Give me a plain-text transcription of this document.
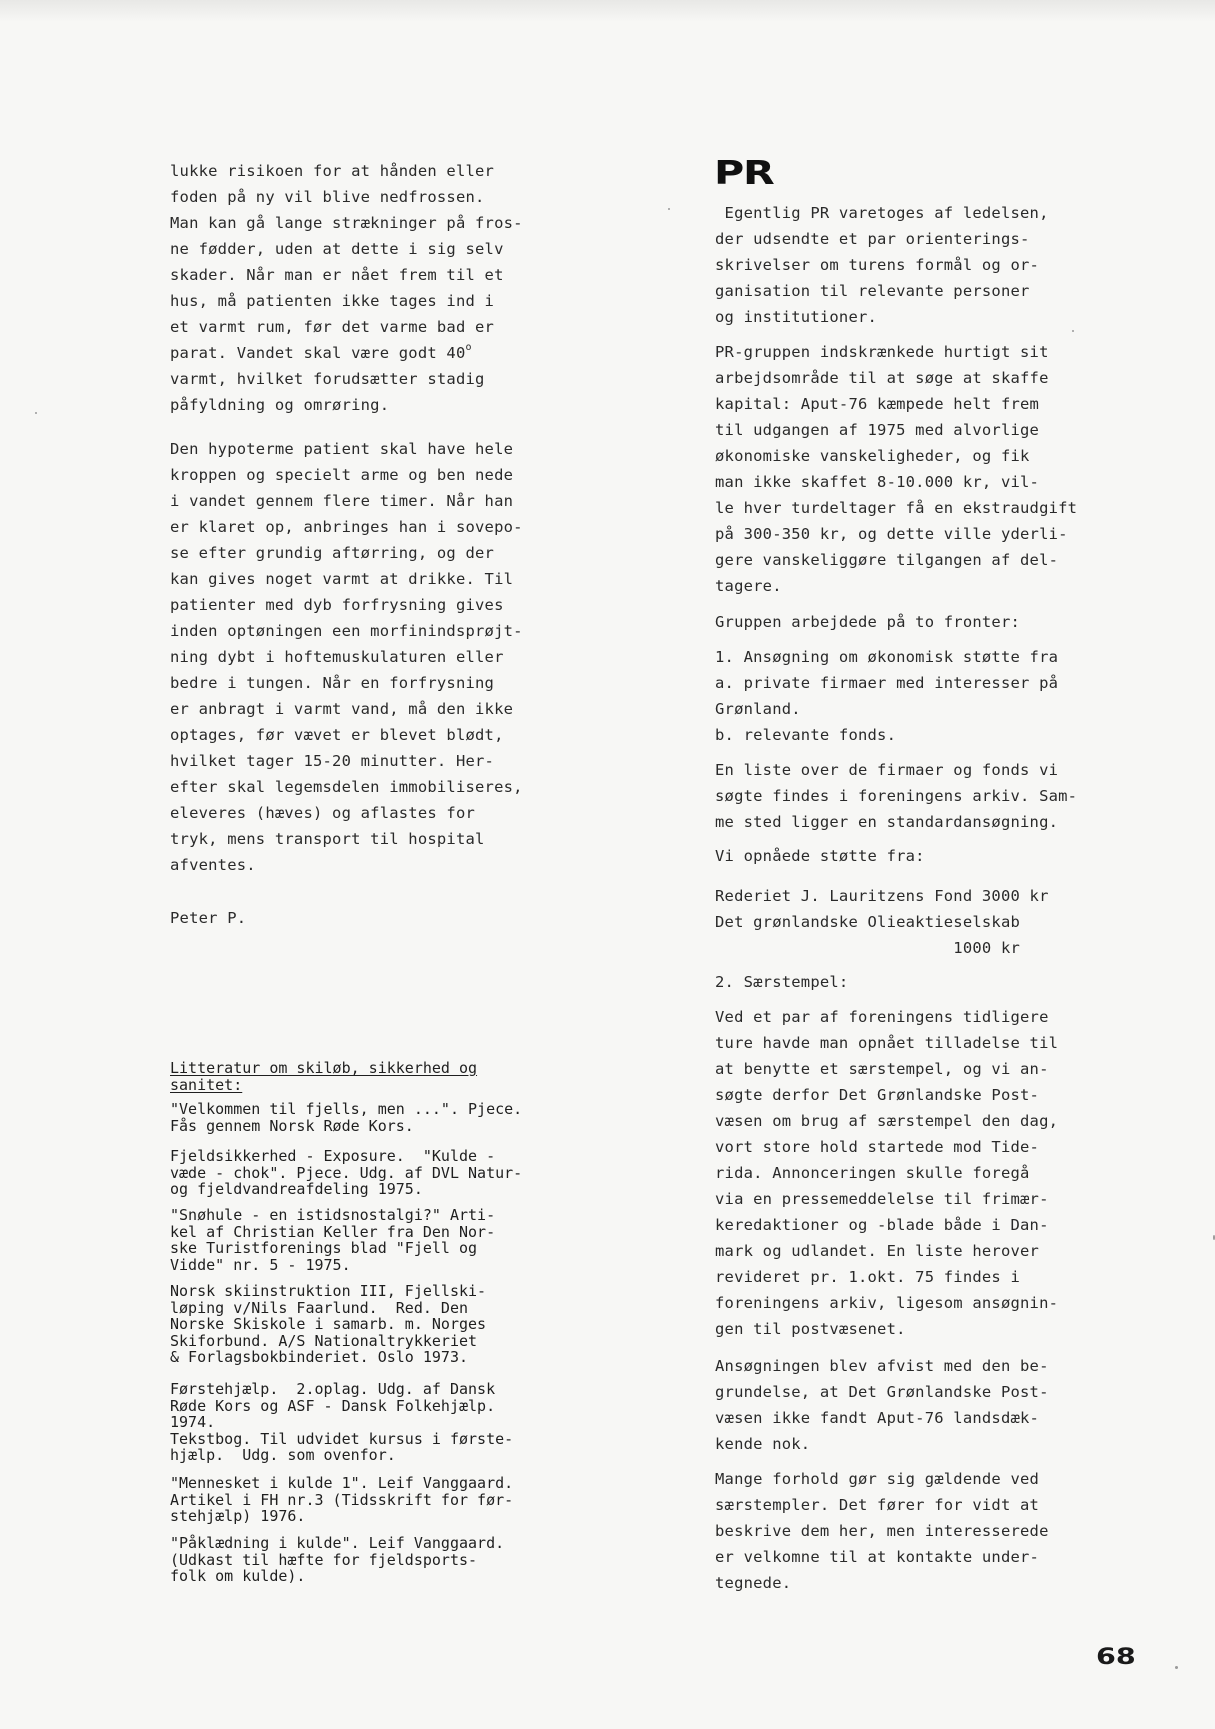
lukke risikoen for at hånden eller

foden på ny vil blive nedfrossen.

Man kan gå lange strækninger på fros-

ne fødder, uden at dette i sig selv

skader. Når man er nået frem til et

hus, må patienten ikke tages ind i

et varmt rum, før det varme bad er

parat. Vandet skal være godt 40$^o$

varmt, hvilket forudsætter stadig

påfyldning og omrøring.

Den hypoterme patient skal have hele

kroppen og specielt arme og ben nede

i vandet gennem flere timer. Når han

er klaret op, anbringes han i sovepo-

se efter grundig aftørring, og der

kan gives noget varmt at drikke. Til

patienter med dyb forfrysning gives

inden optøningen een morfinindsprøjt-

ning dybt i hoftemuskulaturen eller

bedre i tungen. Når en forfrysning

er anbragt i varmt vand, må den ikke

optages, før vævet er blevet blødt,

hvilket tager 15-20 minutter. Her-

efter skal legemsdelen immobiliseres,

eleveres (hæves) og aflastes for

tryk, mens transport til hospital

afventes.

Peter P.

Litteratur om skiløb, sikkerhed og

sanitet:

"Velkommen til fjells, men ...". Pjece.
Fås gennem Norsk Røde Kors.

Fjeldsikkerhed - Exposure.  "Kulde -
væde - chok". Pjece. Udg. af DVL Natur-
og fjeldvandreafdeling 1975.

"Snøhule - en istidsnostalgi?" Arti-
kel af Christian Keller fra Den Nor-
ske Turistforenings blad "Fjell og
Vidde" nr. 5 - 1975.

Norsk skiinstruktion III, Fjellski-
løping v/Nils Faarlund.  Red. Den
Norske Skiskole i samarb. m. Norges
Skiforbund. A/S Nationaltrykkeriet
& Forlagsbokbinderiet. Oslo 1973.

Førstehjælp.  2.oplag. Udg. af Dansk
Røde Kors og ASF - Dansk Folkehjælp.
1974.
Tekstbog. Til udvidet kursus i første-
hjælp.  Udg. som ovenfor.

"Mennesket i kulde 1". Leif Vanggaard.
Artikel i FH nr.3 (Tidsskrift for før-
stehjælp) 1976.

"Påklædning i kulde". Leif Vanggaard.
(Udkast til hæfte for fjeldsports-
folk om kulde).

PR

Egentlig PR varetoges af ledelsen,

der udsendte et par orienterings-

skrivelser om turens formål og or-

ganisation til relevante personer

og institutioner.

PR-gruppen indskrænkede hurtigt sit

arbejdsområde til at søge at skaffe

kapital: Aput-76 kæmpede helt frem

til udgangen af 1975 med alvorlige

økonomiske vanskeligheder, og fik

man ikke skaffet 8-10.000 kr, vil-

le hver turdeltager få en ekstraudgift

på 300-350 kr, og dette ville yderli-

gere vanskeliggøre tilgangen af del-

tagere.

Gruppen arbejdede på to fronter:

1. Ansøgning om økonomisk støtte fra

a. private firmaer med interesser på

Grønland.

b. relevante fonds.

En liste over de firmaer og fonds vi

søgte findes i foreningens arkiv. Sam-

me sted ligger en standardansøgning.

Vi opnåede støtte fra:

Rederiet J. Lauritzens Fond 3000 kr

Det grønlandske Olieaktieselskab

1000 kr

2. Særstempel:

Ved et par af foreningens tidligere

ture havde man opnået tilladelse til

at benytte et særstempel, og vi an-

søgte derfor Det Grønlandske Post-

væsen om brug af særstempel den dag,

vort store hold startede mod Tide-

rida. Annonceringen skulle foregå

via en pressemeddelelse til frimær-

keredaktioner og -blade både i Dan-

mark og udlandet. En liste herover

revideret pr. 1.okt. 75 findes i

foreningens arkiv, ligesom ansøgnin-

gen til postvæsenet.

Ansøgningen blev afvist med den be-

grundelse, at Det Grønlandske Post-

væsen ikke fandt Aput-76 landsdæk-

kende nok.

Mange forhold gør sig gældende ved

særstempler. Det fører for vidt at

beskrive dem her, men interesserede

er velkomne til at kontakte under-

tegnede.

68
